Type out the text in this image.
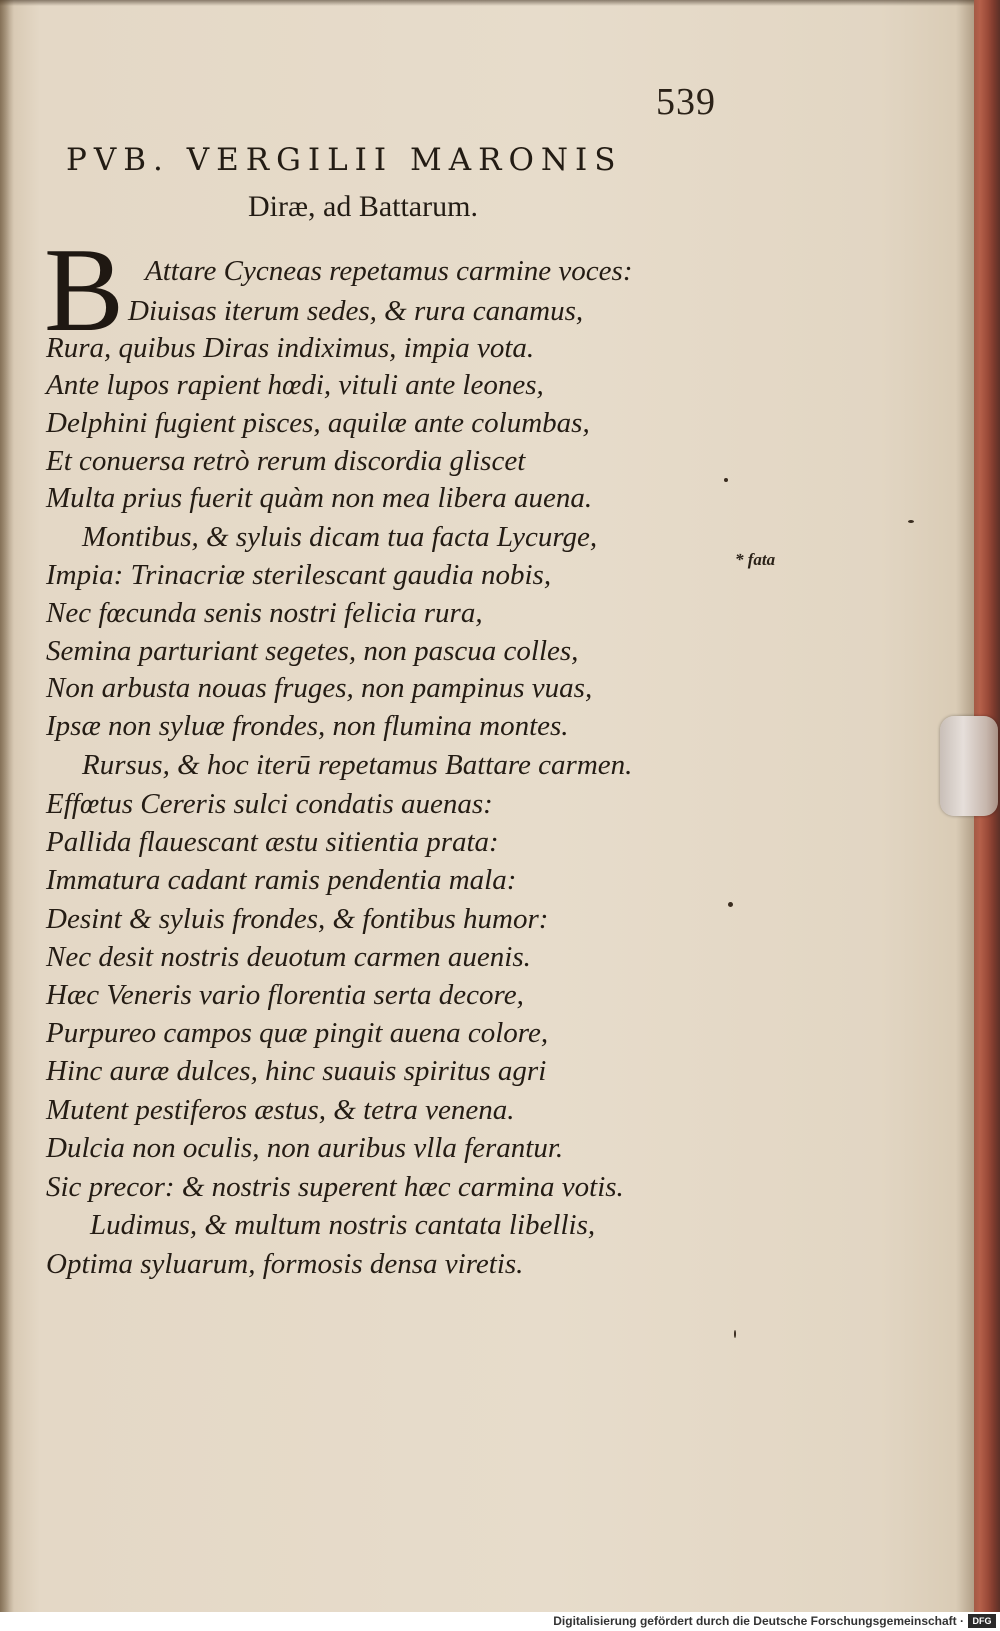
539
PVB. VERGILII MARONIS
Diræ, ad Battarum.
B Attare Cycneas repetamus carmine voces:
Diuisas iterum sedes, & rura canamus,
Rura, quibus Diras indiximus, impia vota.
Ante lupos rapient hœdi, vituli ante leones,
Delphini fugient pisces, aquilæ ante columbas,
Et conuersa retrò rerum discordia gliscet
Multa prius fuerit quàm non mea libera auena.
Montibus, & syluis dicam tua facta Lycurge,
Impia: Trinacriæ sterilescant gaudia nobis,
Nec fœcunda senis nostri felicia rura,
Semina parturiant segetes, non pascua colles,
Non arbusta nouas fruges, non pampinus vuas,
Ipsæ non syluæ frondes, non flumina montes.
Rursus, & hoc iterū repetamus Battare carmen.
Effœtus Cereris sulci condatis auenas:
Pallida flauescant æstu sitientia prata:
Immatura cadant ramis pendentia mala:
Desint & syluis frondes, & fontibus humor:
Nec desit nostris deuotum carmen auenis.
Hæc Veneris vario florentia serta decore,
Purpureo campos quæ pingit auena colore,
Hinc auræ dulces, hinc suauis spiritus agri
Mutent pestiferos æstus, & tetra venena.
Dulcia non oculis, non auribus vlla ferantur.
Sic precor: & nostris superent hæc carmina votis.
Ludimus, & multum nostris cantata libellis,
Optima syluarum, formosis densa viretis.
* fata
Digitalisierung gefördert durch die Deutsche Forschungsgemeinschaft · DFG
